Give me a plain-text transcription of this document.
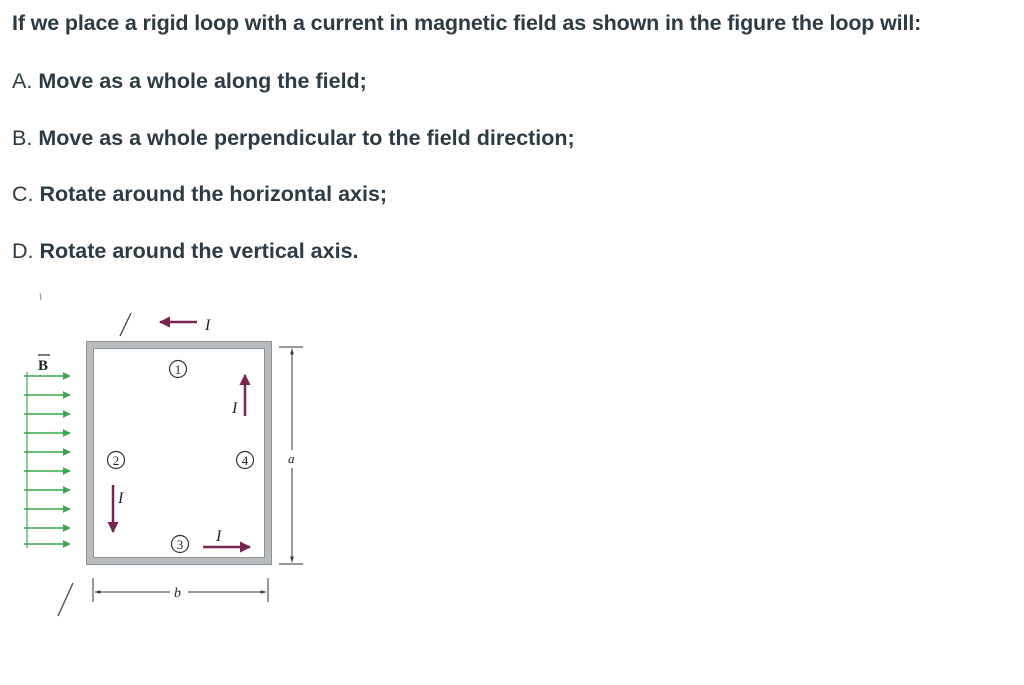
If we place a rigid loop with a current in magnetic field as shown in the figure the loop will:
A. Move as a whole along the field;
B. Move as a whole perpendicular to the field direction;
C. Rotate around the horizontal axis;
D. Rotate around the vertical axis.
B
I
I
I
I
1
2
3
4	a
b
